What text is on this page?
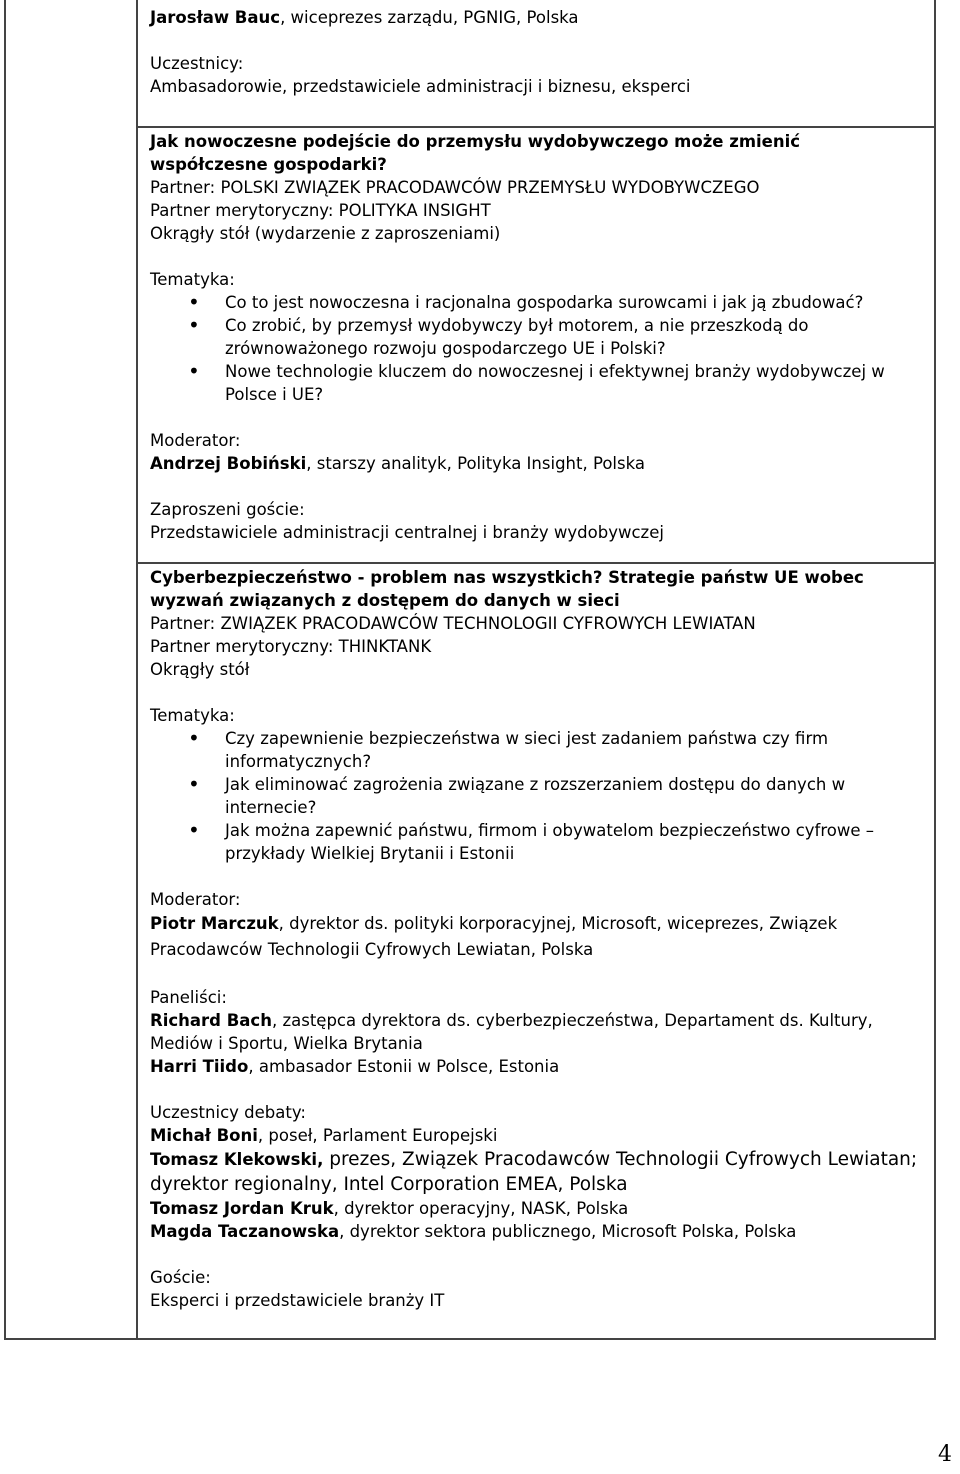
Jarosław Bauc, wiceprezes zarządu, PGNIG, Polska

Uczestnicy:

Ambasadorowie, przedstawiciele administracji i biznesu, eksperci

Jak nowoczesne podejście do przemysłu wydobywczego może zmienić współczesne gospodarki?

Partner: POLSKI ZWIĄZEK PRACODAWCÓW PRZEMYSŁU WYDOBYWCZEGO

Partner merytoryczny: POLITYKA INSIGHT

Okrągły stół (wydarzenie z zaproszeniami)

Tematyka:

• Co to jest nowoczesna i racjonalna gospodarka surowcami i jak ją zbudować?
• Co zrobić, by przemysł wydobywczy był motorem, a nie przeszkodą do zrównoważonego rozwoju gospodarczego UE i Polski?
• Nowe technologie kluczem do nowoczesnej i efektywnej branży wydobywczej w Polsce i UE?

Moderator:

Andrzej Bobiński, starszy analityk, Polityka Insight, Polska

Zaproszeni goście:

Przedstawiciele administracji centralnej i branży wydobywczej

Cyberbezpieczeństwo - problem nas wszystkich? Strategie państw UE wobec wyzwań związanych z dostępem do danych w sieci

Partner: ZWIĄZEK PRACODAWCÓW TECHNOLOGII CYFROWYCH LEWIATAN

Partner merytoryczny: THINKTANK

Okrągły stół

Tematyka:

• Czy zapewnienie bezpieczeństwa w sieci jest zadaniem państwa czy firm informatycznych?
• Jak eliminować zagrożenia związane z rozszerzaniem dostępu do danych w internecie?
• Jak można zapewnić państwu, firmom i obywatelom bezpieczeństwo cyfrowe – przykłady Wielkiej Brytanii i Estonii

Moderator:

Piotr Marczuk, dyrektor ds. polityki korporacyjnej, Microsoft, wiceprezes, Związek Pracodawców Technologii Cyfrowych Lewiatan, Polska

Paneliści:

Richard Bach, zastępca dyrektora ds. cyberbezpieczeństwa, Departament ds. Kultury, Mediów i Sportu, Wielka Brytania

Harri Tiido, ambasador Estonii w Polsce, Estonia

Uczestnicy debaty:

Michał Boni, poseł, Parlament Europejski

Tomasz Klekowski, prezes, Związek Pracodawców Technologii Cyfrowych Lewiatan; dyrektor regionalny, Intel Corporation EMEA, Polska

Tomasz Jordan Kruk, dyrektor operacyjny, NASK, Polska

Magda Taczanowska, dyrektor sektora publicznego, Microsoft Polska, Polska

Goście:

Eksperci i przedstawiciele branży IT

4
